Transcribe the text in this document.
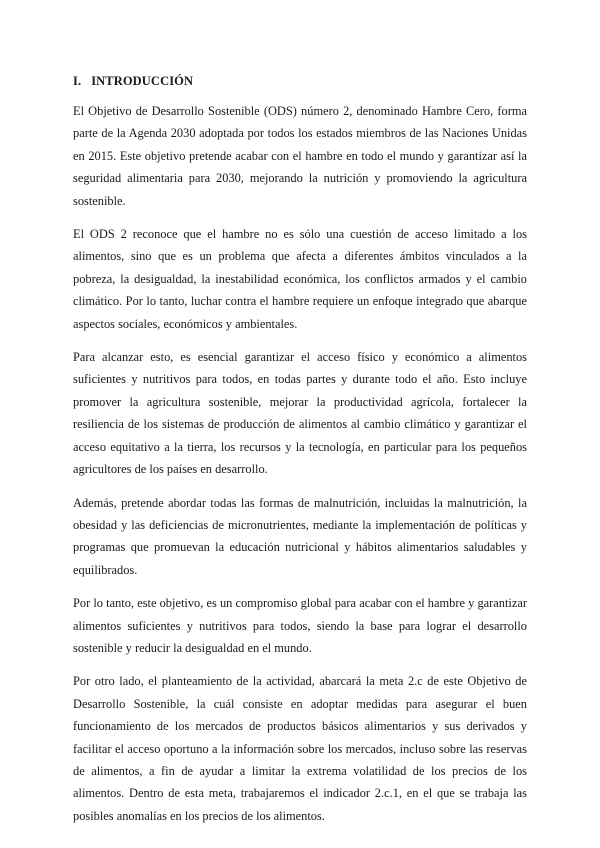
I. INTRODUCCIÓN

El Objetivo de Desarrollo Sostenible (ODS) número 2, denominado Hambre Cero, forma parte de la Agenda 2030 adoptada por todos los estados miembros de las Naciones Unidas en 2015. Este objetivo pretende acabar con el hambre en todo el mundo y garantizar así la seguridad alimentaria para 2030, mejorando la nutrición y promoviendo la agricultura sostenible.

El ODS 2 reconoce que el hambre no es sólo una cuestión de acceso limitado a los alimentos, sino que es un problema que afecta a diferentes ámbitos vinculados a la pobreza, la desigualdad, la inestabilidad económica, los conflictos armados y el cambio climático. Por lo tanto, luchar contra el hambre requiere un enfoque integrado que abarque aspectos sociales, económicos y ambientales.

Para alcanzar esto, es esencial garantizar el acceso físico y económico a alimentos suficientes y nutritivos para todos, en todas partes y durante todo el año. Esto incluye promover la agricultura sostenible, mejorar la productividad agrícola, fortalecer la resiliencia de los sistemas de producción de alimentos al cambio climático y garantizar el acceso equitativo a la tierra, los recursos y la tecnología, en particular para los pequeños agricultores de los países en desarrollo.

Además, pretende abordar todas las formas de malnutrición, incluidas la malnutrición, la obesidad y las deficiencias de micronutrientes, mediante la implementación de políticas y programas que promuevan la educación nutricional y hábitos alimentarios saludables y equilibrados.

Por lo tanto, este objetivo, es un compromiso global para acabar con el hambre y garantizar alimentos suficientes y nutritivos para todos, siendo la base para lograr el desarrollo sostenible y reducir la desigualdad en el mundo.

Por otro lado, el planteamiento de la actividad, abarcará la meta 2.c de este Objetivo de Desarrollo Sostenible, la cuál consiste en adoptar medidas para asegurar el buen funcionamiento de los mercados de productos básicos alimentarios y sus derivados y facilitar el acceso oportuno a la información sobre los mercados, incluso sobre las reservas de alimentos, a fin de ayudar a limitar la extrema volatilidad de los precios de los alimentos. Dentro de esta meta, trabajaremos el indicador 2.c.1, en el que se trabaja las posibles anomalías en los precios de los alimentos.
